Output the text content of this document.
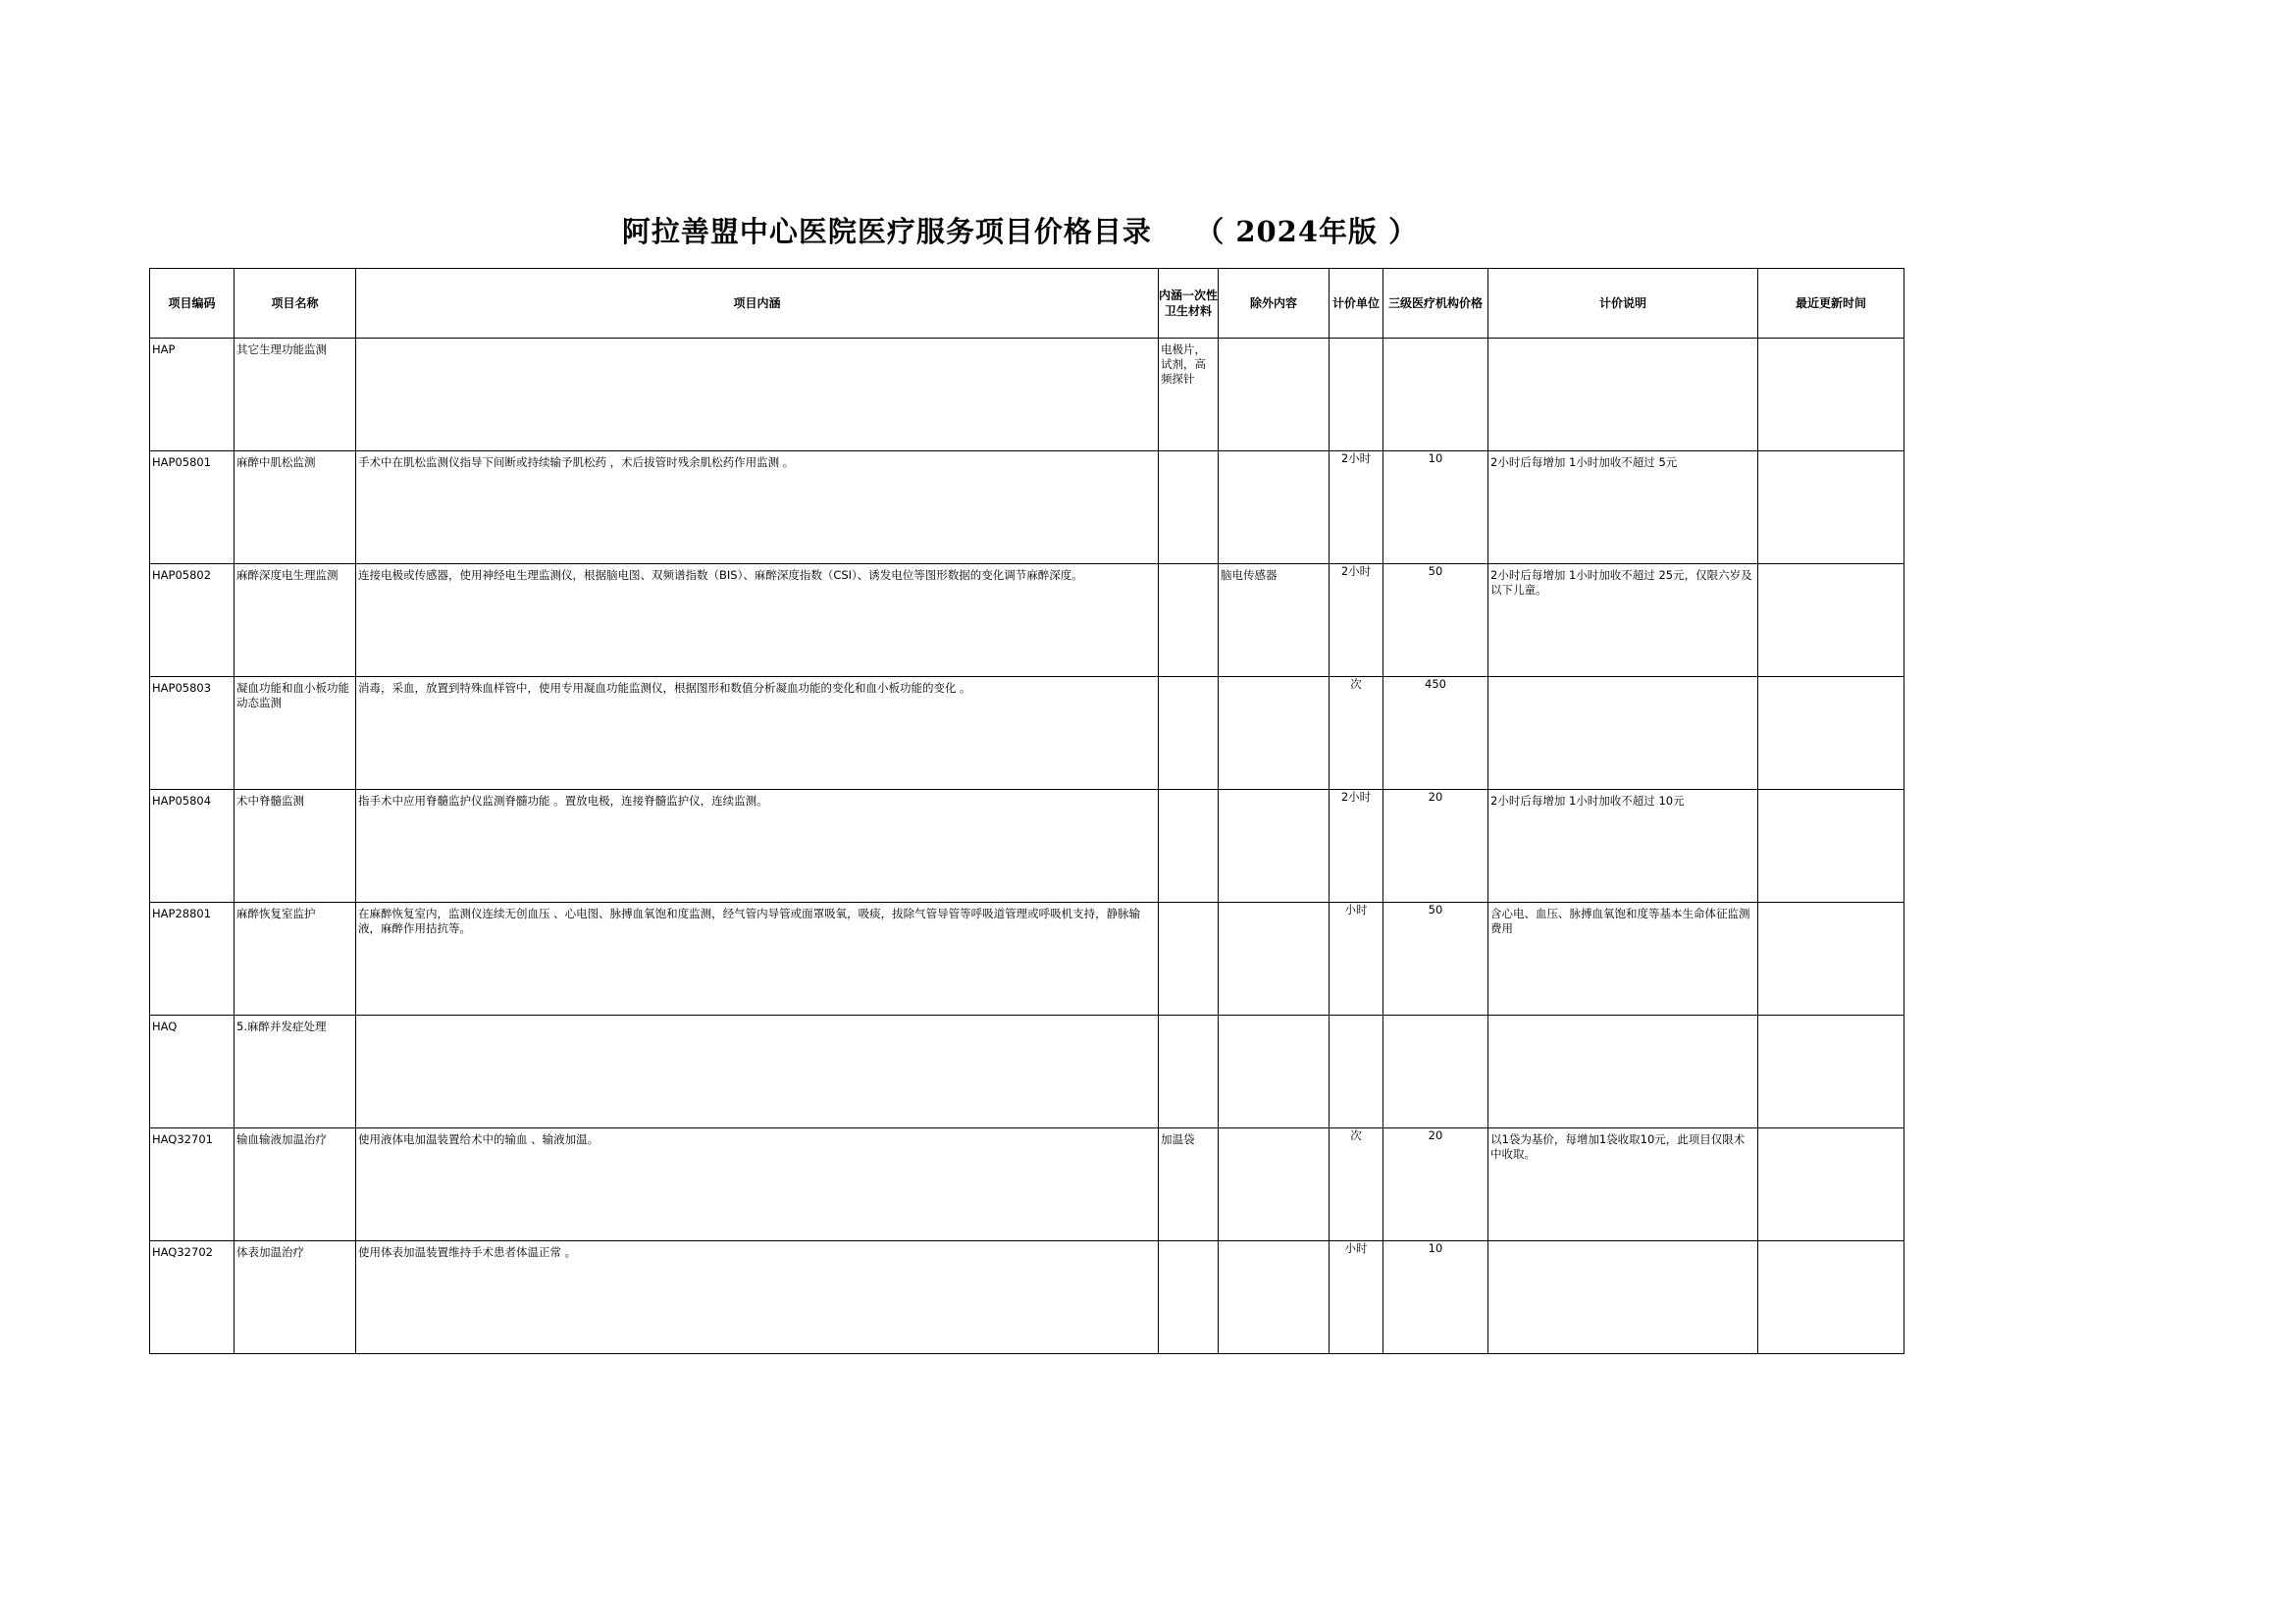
阿拉善盟中心医院医疗服务项目价格目录    （ 2024年版 ）
项目编码	项目名称	项目内涵	内涵一次性卫生材料	除外内容	计价单位	三级医疗机构价格	计价说明	最近更新时间

HAP	其它生理功能监测		电极片，试剂，高频探针					

HAP05801	麻醉中肌松监测	手术中在肌松监测仪指导下间断或持续输予肌松药 ，术后拔管时残余肌松药作用监测 。			2小时	10	2小时后每增加 1小时加收不超过 5元	

HAP05802	麻醉深度电生理监测	连接电极或传感器，使用神经电生理监测仪，根据脑电图、双频谱指数（BIS）、麻醉深度指数（CSI）、诱发电位等图形数据的变化调节麻醉深度。		脑电传感器	2小时	50	2小时后每增加 1小时加收不超过 25元，仅限六岁及以下儿童。	

HAP05803	凝血功能和血小板功能动态监测	消毒，采血，放置到特殊血样管中，使用专用凝血功能监测仪，根据图形和数值分析凝血功能的变化和血小板功能的变化 。			次	450		

HAP05804	术中脊髓监测	指手术中应用脊髓监护仪监测脊髓功能 。置放电极，连接脊髓监护仪，连续监测。			2小时	20	2小时后每增加 1小时加收不超过 10元	

HAP28801	麻醉恢复室监护	在麻醉恢复室内，监测仪连续无创血压 、心电图、脉搏血氧饱和度监测，经气管内导管或面罩吸氧，吸痰，拔除气管导管等呼吸道管理或呼吸机支持，静脉输液，麻醉作用拮抗等。			小时	50	含心电、血压、脉搏血氧饱和度等基本生命体征监测费用	

HAQ	5.麻醉并发症处理							

HAQ32701	输血输液加温治疗	使用液体电加温装置给术中的输血 、输液加温。	加温袋		次	20	以1袋为基价，每增加1袋收取10元，此项目仅限术中收取。	

HAQ32702	体表加温治疗	使用体表加温装置维持手术患者体温正常 。			小时	10		
